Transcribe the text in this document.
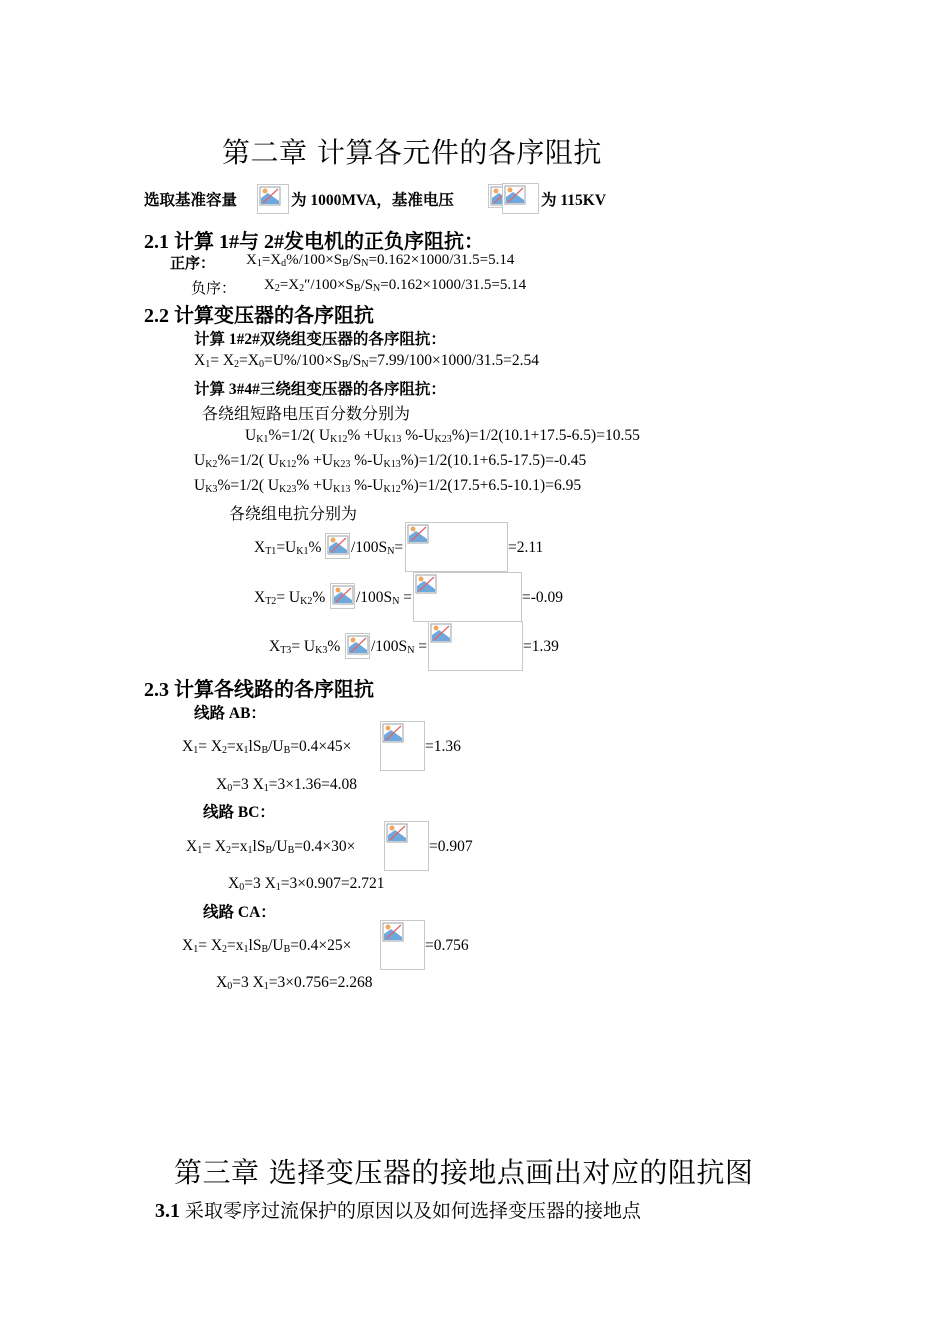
第二章 计算各元件的各序阻抗
选取基准容量	为 1000MVA，基准电压	为 115KV
2.1 计算 1#与 2#发电机的正负序阻抗：
正序： $X_1=X_d\%/100\times S_B/S_N=0.162\times 1000/31.5=5.14$
负序： $X_2=X_2''/100\times S_B/S_N=0.162\times 1000/31.5=5.14$
2.2 计算变压器的各序阻抗
计算 1#2#双绕组变压器的各序阻抗：
$X_1= X_2=X_0=U\%/100\times S_B/S_N=7.99/100\times 1000/31.5=2.54$
计算 3#4#三绕组变压器的各序阻抗：
各绕组短路电压百分数分别为
$U_{K1}\%=1/2$( $U_{K12}\% +U_{K13}$ $\%-U_{K23}\%)=1/2(10.1+17.5-6.5)=10.55$
$U_{K2}\%=1/2$( $U_{K12}\% +U_{K23}$ $\%-U_{K13}\%)=1/2(10.1+6.5-17.5)=-0.45$
$U_{K3}\%=1/2$( $U_{K23}\% +U_{K13}$ $\%-U_{K12}\%)=1/2(17.5+6.5-10.1)=6.95$
各绕组电抗分别为
$X_{T1}=U_{K1}\%$ $/100S_N=$	=2.11
$X_{T2}= U_{K2}\%$ $/100S_N$ =	=-0.09
$X_{T3}= U_{K3}\%$ $/100S_N$ =	=1.39
2.3 计算各线路的各序阻抗
线路 AB：
$X_1= X_2=x_1lS_B/U_B=0.4\times 45\times$	=1.36
$X_0=3$ $X_1=3\times 1.36=4.08$
线路 BC：
$X_1= X_2=x_1lS_B/U_B=0.4\times 30\times$	=0.907
$X_0=3$ $X_1=3\times 0.907=2.721$
线路 CA：
$X_1= X_2=x_1lS_B/U_B=0.4\times 25\times$	=0.756
$X_0=3$ $X_1=3\times 0.756=2.268$
第三章 选择变压器的接地点画出对应的阻抗图
3.1 采取零序过流保护的原因以及如何选择变压器的接地点
